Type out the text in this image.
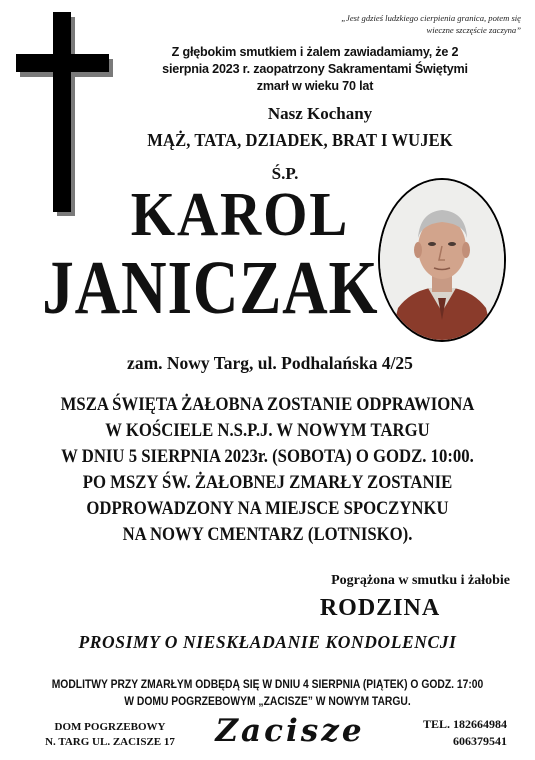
„Jest gdzieś ludzkiego cierpienia granica, potem się wieczne szczęście zaczyna”
Z głębokim smutkiem i żalem zawiadamiamy, że 2 sierpnia 2023 r. zaopatrzony Sakramentami Świętymi zmarł w wieku 70 lat
Nasz Kochany
MĄŻ, TATA, DZIADEK, BRAT I WUJEK
Ś.P.
KAROL
JANICZAK
zam. Nowy Targ, ul. Podhalańska 4/25
MSZA ŚWIĘTA ŻAŁOBNA ZOSTANIE ODPRAWIONA
W KOŚCIELE N.S.P.J. W NOWYM TARGU
W DNIU 5 SIERPNIA 2023r. (SOBOTA) O GODZ. 10:00.
PO MSZY ŚW. ŻAŁOBNEJ ZMARŁY ZOSTANIE
ODPROWADZONY NA MIEJSCE SPOCZYNKU
NA NOWY CMENTARZ (LOTNISKO).
Pogrążona w smutku i żałobie
RODZINA
PROSIMY O NIESKŁADANIE KONDOLENCJI
MODLITWY PRZY ZMARŁYM ODBĘDĄ SIĘ W DNIU 4 SIERPNIA (PIĄTEK) O GODZ. 17:00
W DOMU POGRZEBOWYM „ZACISZE” W NOWYM TARGU.
DOM POGRZEBOWY
N. TARG UL. ZACISZE 17	Zacisze	TEL. 182664984
606379541
